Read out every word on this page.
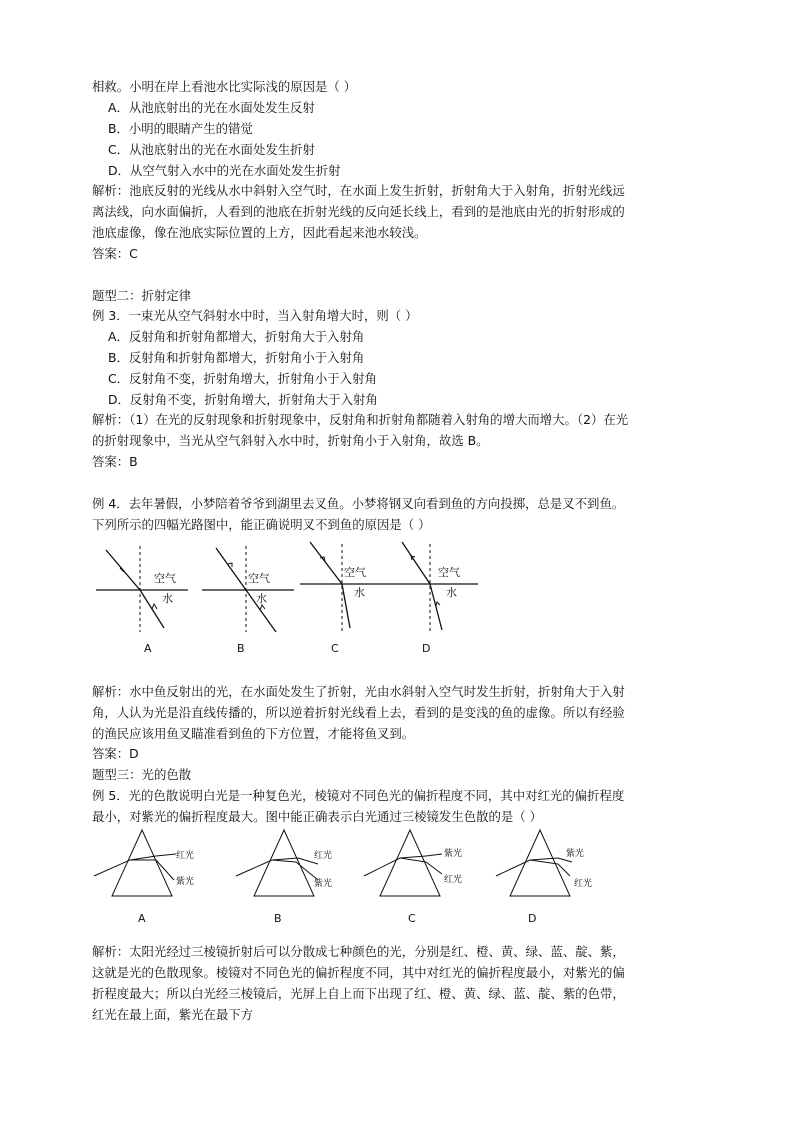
相救。小明在岸上看池水比实际浅的原因是（ ）
A．从池底射出的光在水面处发生反射
B．小明的眼睛产生的错觉
C．从池底射出的光在水面处发生折射
D．从空气射入水中的光在水面处发生折射
解析：池底反射的光线从水中斜射入空气时，在水面上发生折射，折射角大于入射角，折射光线远
离法线，向水面偏折，人看到的池底在折射光线的反向延长线上，看到的是池底由光的折射形成的
池底虚像，像在池底实际位置的上方，因此看起来池水较浅。
答案：C
题型二：折射定律
例 3．一束光从空气斜射水中时，当入射角增大时，则（ ）
A．反射角和折射角都增大，折射角大于入射角
B．反射角和折射角都增大，折射角小于入射角
C．反射角不变，折射角增大，折射角小于入射角
D．反射角不变，折射角增大，折射角大于入射角
解析：（1）在光的反射现象和折射现象中，反射角和折射角都随着入射角的增大而增大。（2）在光
的折射现象中，当光从空气斜射入水中时，折射角小于入射角，故选 B。
答案：B
例 4．去年暑假，小梦陪着爷爷到湖里去叉鱼。小梦将钢叉向看到鱼的方向投掷，总是叉不到鱼。
下列所示的四幅光路图中，能正确说明叉不到鱼的原因是（ ）
空气
水
空气
水
空气
水
空气
水
A	B	C	D
解析：水中鱼反射出的光，在水面处发生了折射，光由水斜射入空气时发生折射，折射角大于入射
角，人认为光是沿直线传播的，所以逆着折射光线看上去，看到的是变浅的鱼的虚像。所以有经验
的渔民应该用鱼叉瞄准看到鱼的下方位置，才能将鱼叉到。
答案：D
题型三：光的色散
例 5．光的色散说明白光是一种复色光，棱镜对不同色光的偏折程度不同，其中对红光的偏折程度
最小，对紫光的偏折程度最大。图中能正确表示白光通过三棱镜发生色散的是（ ）
红光
紫光
红光
紫光
紫光
红光
紫光
红光
A	B	C	D
解析：太阳光经过三棱镜折射后可以分散成七种颜色的光，分别是红、橙、黄、绿、蓝、靛、紫，
这就是光的色散现象。棱镜对不同色光的偏折程度不同，其中对红光的偏折程度最小，对紫光的偏
折程度最大；所以白光经三棱镜后，光屏上自上而下出现了红、橙、黄、绿、蓝、靛、紫的色带，
红光在最上面，紫光在最下方
